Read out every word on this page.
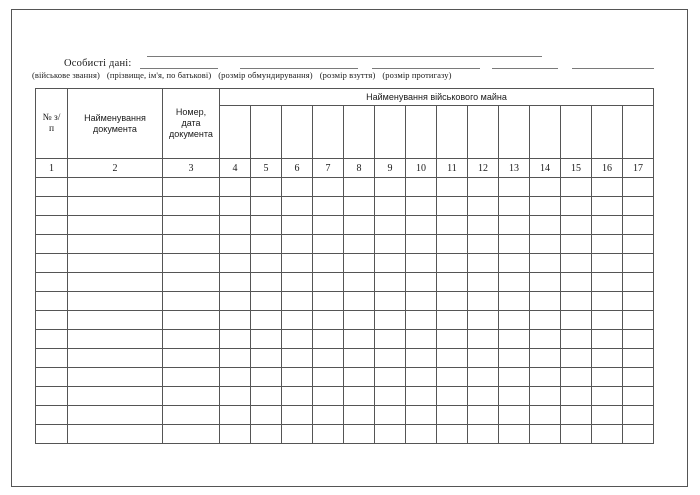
Особисті дані:
(військове звання) (прізвище, ім'я, по батькові) (розмір обмундирування) (розмір взуття) (розмір протигазу)
№ з/п	Найменування документа	Номер, дата документа	Найменування військового майна													

1	2	3	4	5	6	7	8	9	10	11	12	13	14	15	16	17
